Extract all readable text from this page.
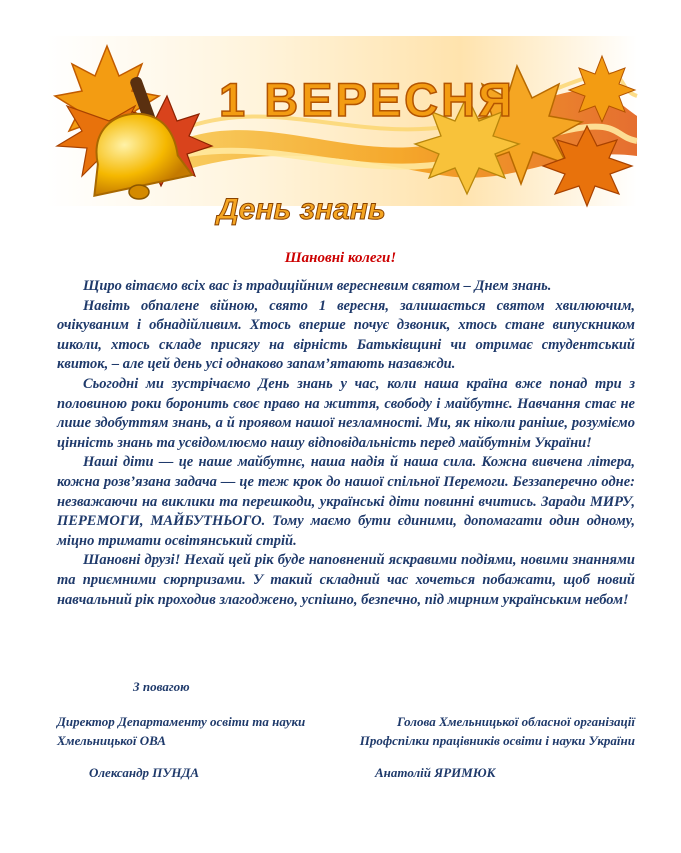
1 ВЕРЕСНЯ
День знань
Шановні колеги!

Щиро вітаємо всіх вас із традиційним вересневим святом – Днем знань.

Навіть обпалене війною, свято 1 вересня, залишається святом хвилюючим, очікуваним і обнадійливим. Хтось вперше почує дзвоник, хтось стане випускником школи, хтось складе присягу на вірність Батьківщині чи отримає студентський квиток, – але цей день усі однаково запам’ятають назавжди.

Сьогодні ми зустрічаємо День знань у час, коли наша країна вже понад три з половиною роки боронить своє право на життя, свободу і майбутнє. Навчання стає не лише здобуттям знань, а й проявом нашої незламності. Ми, як ніколи раніше, розуміємо цінність знань та усвідомлюємо нашу відповідальність перед майбутнім України!

Наші діти — це наше майбутнє, наша надія й наша сила. Кожна вивчена літера, кожна розв’язана задача — це теж крок до нашої спільної Перемоги. Беззаперечно одне: незважаючи на виклики та перешкоди, українські діти повинні вчитись. Заради МИРУ, ПЕРЕМОГИ, МАЙБУТНЬОГО. Тому маємо бути єдиними, допомагати один одному, міцно тримати освітянський стрій.

Шановні друзі! Нехай цей рік буде наповнений яскравими подіями, новими знаннями та приємними сюрпризами. У такий складний час хочеться побажати, щоб новий навчальний рік проходив злагоджено, успішно, безпечно, під мирним українським небом!

З повагою
Директор Департаменту освіти та науки
Хмельницької ОВА
Голова Хмельницької обласної організації
Профспілки працівників освіти і науки України
Олександр ПУНДА	Анатолій ЯРИМЮК
